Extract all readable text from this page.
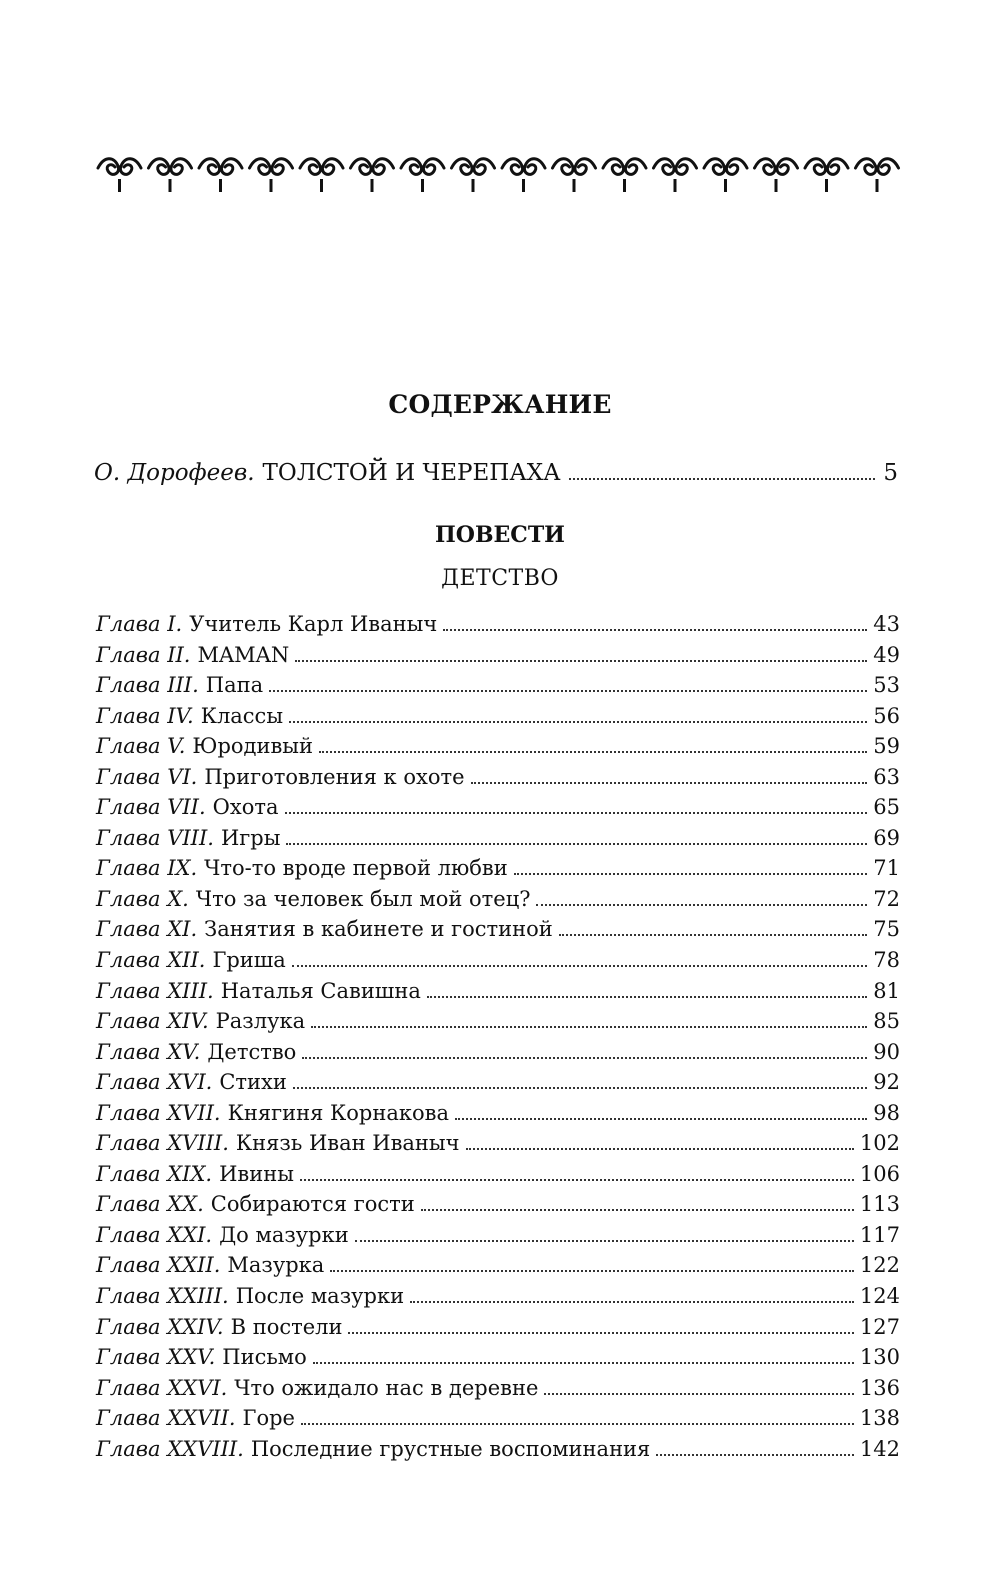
СОДЕРЖАНИЕ
О. Дорофеев. ТОЛСТОЙ И ЧЕРЕПАХА	5
ПОВЕСТИ
ДЕТСТВО
Глава I. Учитель Карл Иваныч	43
Глава II. MAMAN	49
Глава III. Папа	53
Глава IV. Классы	56
Глава V. Юродивый	59
Глава VI. Приготовления к охоте	63
Глава VII. Охота	65
Глава VIII. Игры	69
Глава IX. Что-то вроде первой любви	71
Глава X. Что за человек был мой отец?	72
Глава XI. Занятия в кабинете и гостиной	75
Глава XII. Гриша	78
Глава XIII. Наталья Савишна	81
Глава XIV. Разлука	85
Глава XV. Детство	90
Глава XVI. Стихи	92
Глава XVII. Княгиня Корнакова	98
Глава XVIII. Князь Иван Иваныч	102
Глава XIX. Ивины	106
Глава XX. Собираются гости	113
Глава XXI. До мазурки	117
Глава XXII. Мазурка	122
Глава XXIII. После мазурки	124
Глава XXIV. В постели	127
Глава XXV. Письмо	130
Глава XXVI. Что ожидало нас в деревне	136
Глава XXVII. Горе	138
Глава XXVIII. Последние грустные воспоминания	142
